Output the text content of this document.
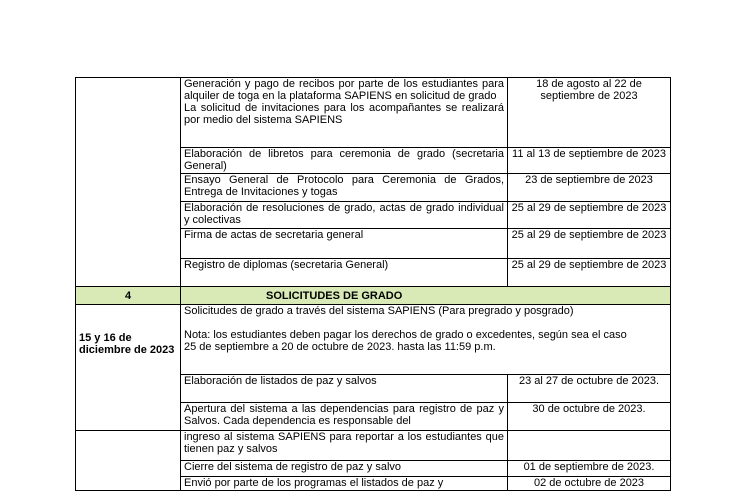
	Generación y pago de recibos por parte de los estudiantes para alquiler de toga en la plataforma SAPIENS en solicitud de grado
La solicitud de invitaciones para los acompañantes se realizará por medio del sistema SAPIENS	18 de agosto al 22 de septiembre de 2023
	Elaboración de libretos para ceremonia de grado (secretaria General)	11 al 13 de septiembre de 2023
	Ensayo General de Protocolo para Ceremonia de Grados, Entrega de Invitaciones y togas	23 de septiembre de 2023
	Elaboración de resoluciones de grado, actas de grado individual y colectivas	25 al 29 de septiembre de 2023
	Firma de actas de secretaria general	25 al 29 de septiembre de 2023
	Registro de diplomas (secretaria General)	25 al 29 de septiembre de 2023
4	SOLICITUDES DE GRADO	
15 y 16 de diciembre de 2023	Solicitudes de grado a través del sistema SAPIENS (Para pregrado y posgrado)
Nota: los estudiantes deben pagar los derechos de grado o excedentes, según sea el caso
25 de septiembre a 20 de octubre de 2023. hasta las 11:59 p.m.	

	Elaboración de listados de paz y salvos	23 al 27 de octubre de 2023.
	Apertura del sistema a las dependencias para registro de paz y Salvos. Cada dependencia es responsable del	30 de octubre de 2023.
	ingreso al sistema SAPIENS para reportar a los estudiantes que tienen paz y salvos	
	Cierre del sistema de registro de paz y salvo	01 de septiembre de 2023.
	Envió por parte de los programas el listados de paz y	02 de octubre de 2023
